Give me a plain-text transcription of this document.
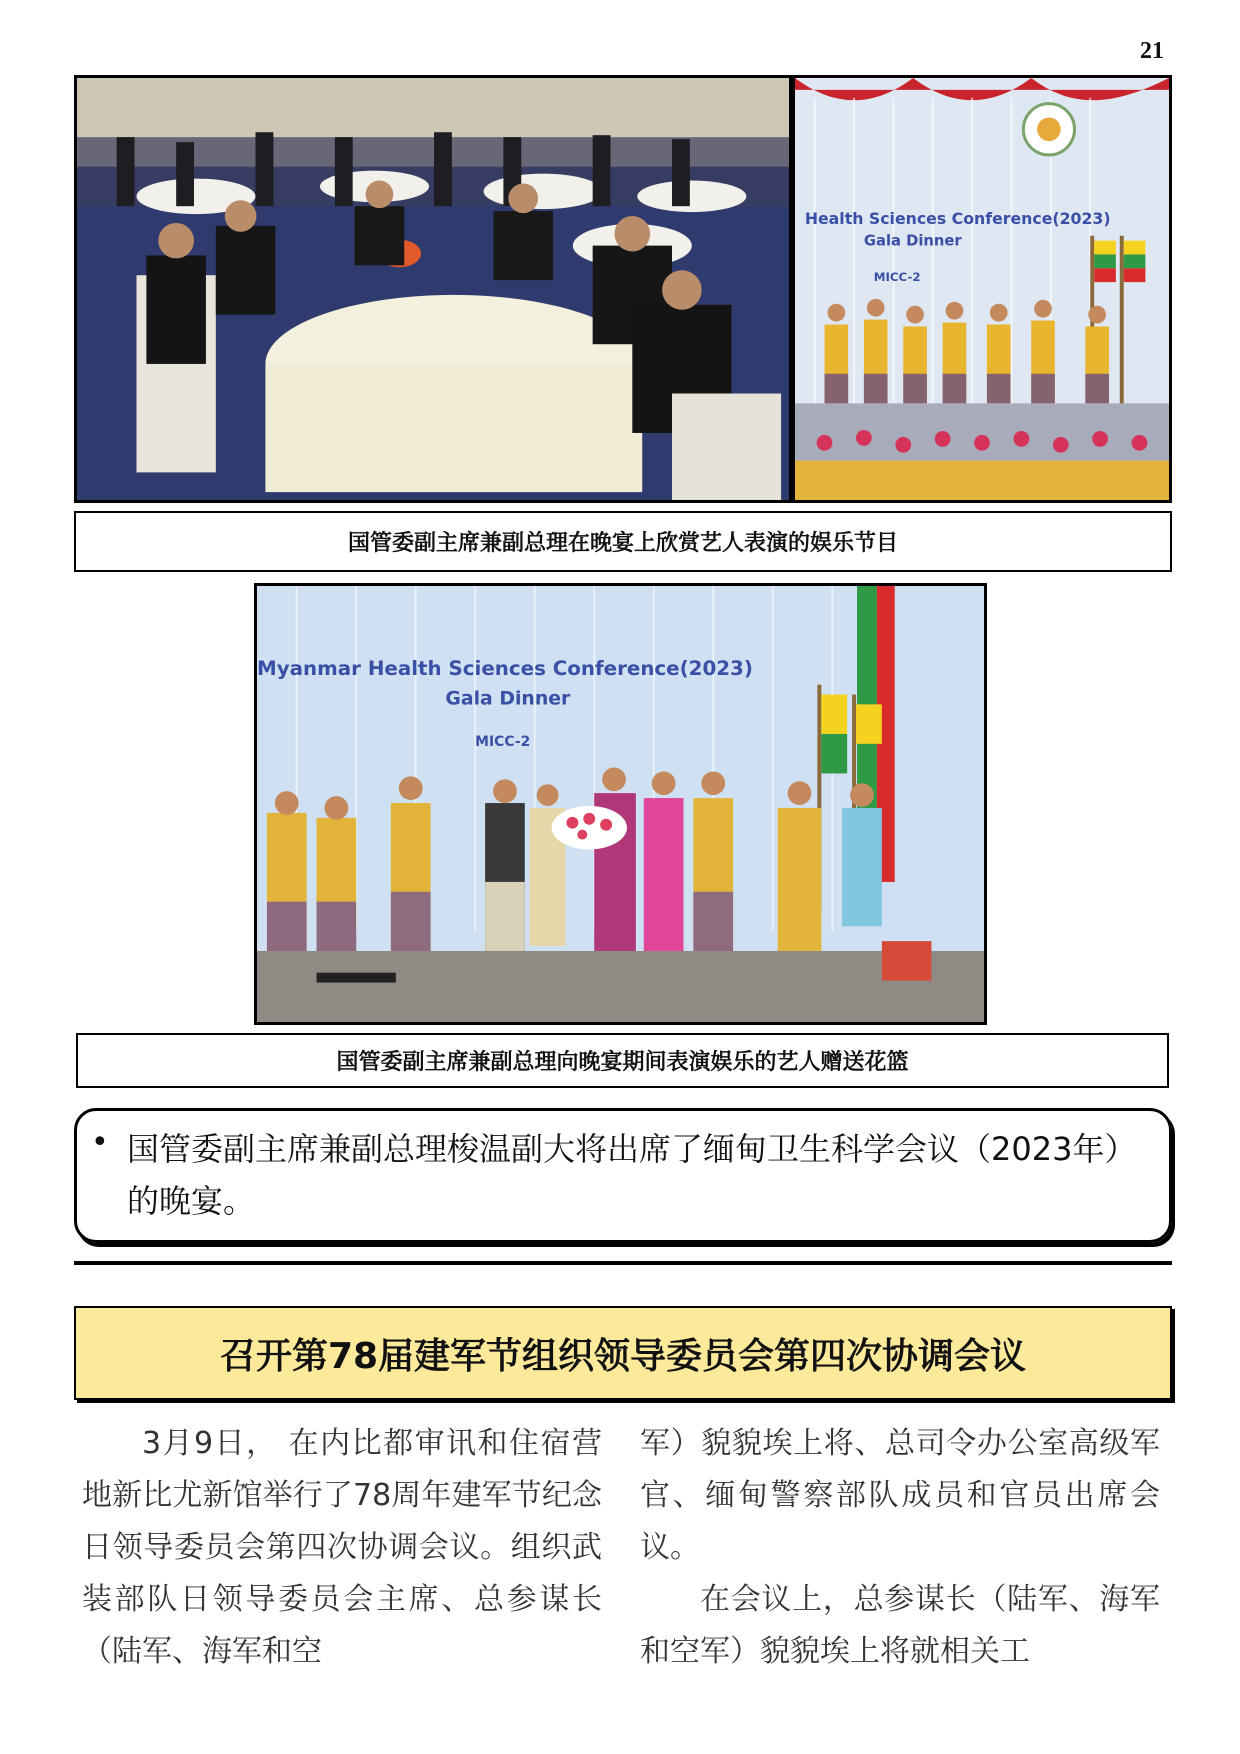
21
Health Sciences Conference(2023)
Gala Dinner
MICC-2
国管委副主席兼副总理在晚宴上欣赏艺人表演的娱乐节目
Myanmar Health Sciences Conference(2023)
Gala Dinner
MICC-2
国管委副主席兼副总理向晚宴期间表演娱乐的艺人赠送花篮
• 国管委副主席兼副总理梭温副大将出席了缅甸卫生科学会议（2023年）的晚宴。
召开第78届建军节组织领导委员会第四次协调会议

3月9日， 在内比都审讯和住宿营地新比尤新馆举行了78周年建军节纪念日领导委员会第四次协调会议。组织武装部队日领导委员会主席、总参谋长（陆军、海军和空

军）貌貌埃上将、总司令办公室高级军官、缅甸警察部队成员和官员出席会议。

在会议上，总参谋长（陆军、海军和空军）貌貌埃上将就相关工
